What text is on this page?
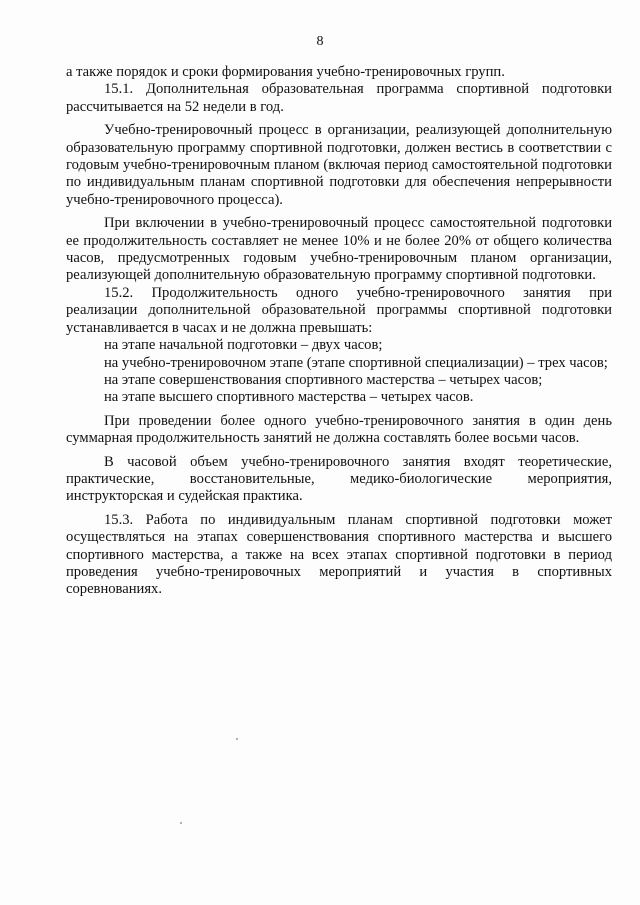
8

а также порядок и сроки формирования учебно-тренировочных групп.

15.1. Дополнительная образовательная программа спортивной подготовки рассчитывается на 52 недели в год.

Учебно-тренировочный процесс в организации, реализующей дополнительную образовательную программу спортивной подготовки, должен вестись в соответствии с годовым учебно-тренировочным планом (включая период самостоятельной подготовки по индивидуальным планам спортивной подготовки для обеспечения непрерывности учебно-тренировочного процесса).

При включении в учебно-тренировочный процесс самостоятельной подготовки ее продолжительность составляет не менее 10% и не более 20% от общего количества часов, предусмотренных годовым учебно-тренировочным планом организации, реализующей дополнительную образовательную программу спортивной подготовки.

15.2. Продолжительность одного учебно-тренировочного занятия при реализации дополнительной образовательной программы спортивной подготовки устанавливается в часах и не должна превышать:

на этапе начальной подготовки – двух часов;

на учебно-тренировочном этапе (этапе спортивной специализации) – трех часов;

на этапе совершенствования спортивного мастерства – четырех часов;

на этапе высшего спортивного мастерства – четырех часов.

При проведении более одного учебно-тренировочного занятия в один день суммарная продолжительность занятий не должна составлять более восьми часов.

В часовой объем учебно-тренировочного занятия входят теоретические, практические, восстановительные, медико-биологические мероприятия, инструкторская и судейская практика.

15.3. Работа по индивидуальным планам спортивной подготовки может осуществляться на этапах совершенствования спортивного мастерства и высшего спортивного мастерства, а также на всех этапах спортивной подготовки в период проведения учебно-тренировочных мероприятий и участия в спортивных соревнованиях.
